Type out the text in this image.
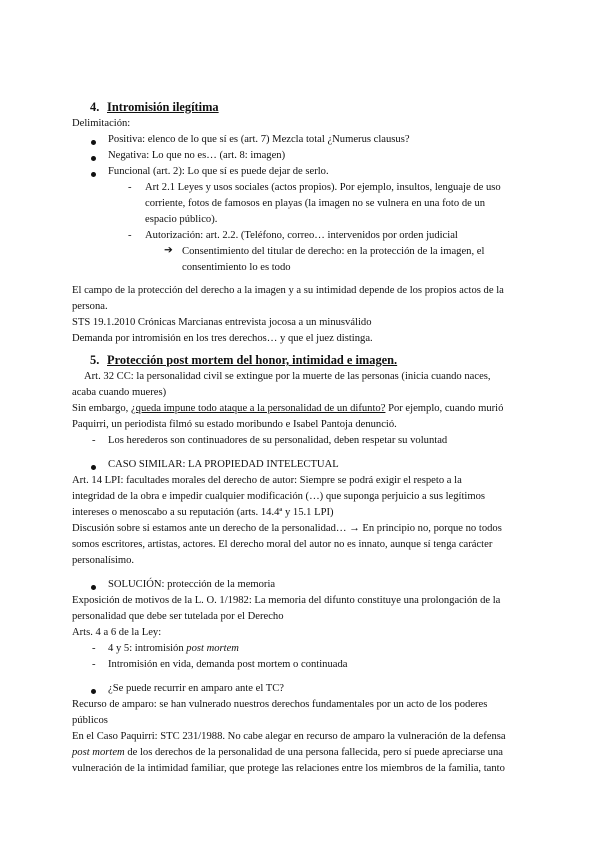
4. Intromisión ilegítima
Delimitación:
Positiva: elenco de lo que sí es (art. 7) Mezcla total ¿Numerus clausus?
Negativa: Lo que no es… (art. 8: imagen)
Funcional (art. 2): Lo que sí es puede dejar de serlo.
- Art 2.1 Leyes y usos sociales (actos propios). Por ejemplo, insultos, lenguaje de uso
corriente, fotos de famosos en playas (la imagen no se vulnera en una foto de un
espacio público).
- Autorización: art. 2.2. (Teléfono, correo… intervenidos por orden judicial
➔ Consentimiento del titular de derecho: en la protección de la imagen, el
consentimiento lo es todo
El campo de la protección del derecho a la imagen y a su intimidad depende de los propios actos de la
persona.
STS 19.1.2010 Crónicas Marcianas entrevista jocosa a un minusválido
Demanda por intromisión en los tres derechos… y que el juez distinga.
5. Protección post mortem del honor, intimidad e imagen.
Art. 32 CC: la personalidad civil se extingue por la muerte de las personas (inicia cuando naces,
acaba cuando mueres)
Sin embargo, ¿queda impune todo ataque a la personalidad de un difunto? Por ejemplo, cuando murió
Paquirri, un periodista filmó su estado moribundo e Isabel Pantoja denunció.
- Los herederos son continuadores de su personalidad, deben respetar su voluntad
CASO SIMILAR: LA PROPIEDAD INTELECTUAL
Art. 14 LPI: facultades morales del derecho de autor: Siempre se podrá exigir el respeto a la
integridad de la obra e impedir cualquier modificación (…) que suponga perjuicio a sus legítimos
intereses o menoscabo a su reputación (arts. 14.4ª y 15.1 LPI)
Discusión sobre si estamos ante un derecho de la personalidad… → En principio no, porque no todos
somos escritores, artistas, actores. El derecho moral del autor no es innato, aunque sí tenga carácter
personalísimo.
SOLUCIÓN: protección de la memoria
Exposición de motivos de la L. O. 1/1982: La memoria del difunto constituye una prolongación de la
personalidad que debe ser tutelada por el Derecho
Arts. 4 a 6 de la Ley:
- 4 y 5: intromisión post mortem
- Intromisión en vida, demanda post mortem o continuada
¿Se puede recurrir en amparo ante el TC?
Recurso de amparo: se han vulnerado nuestros derechos fundamentales por un acto de los poderes
públicos
En el Caso Paquirri: STC 231/1988. No cabe alegar en recurso de amparo la vulneración de la defensa
post mortem de los derechos de la personalidad de una persona fallecida, pero sí puede apreciarse una
vulneración de la intimidad familiar, que protege las relaciones entre los miembros de la familia, tanto
